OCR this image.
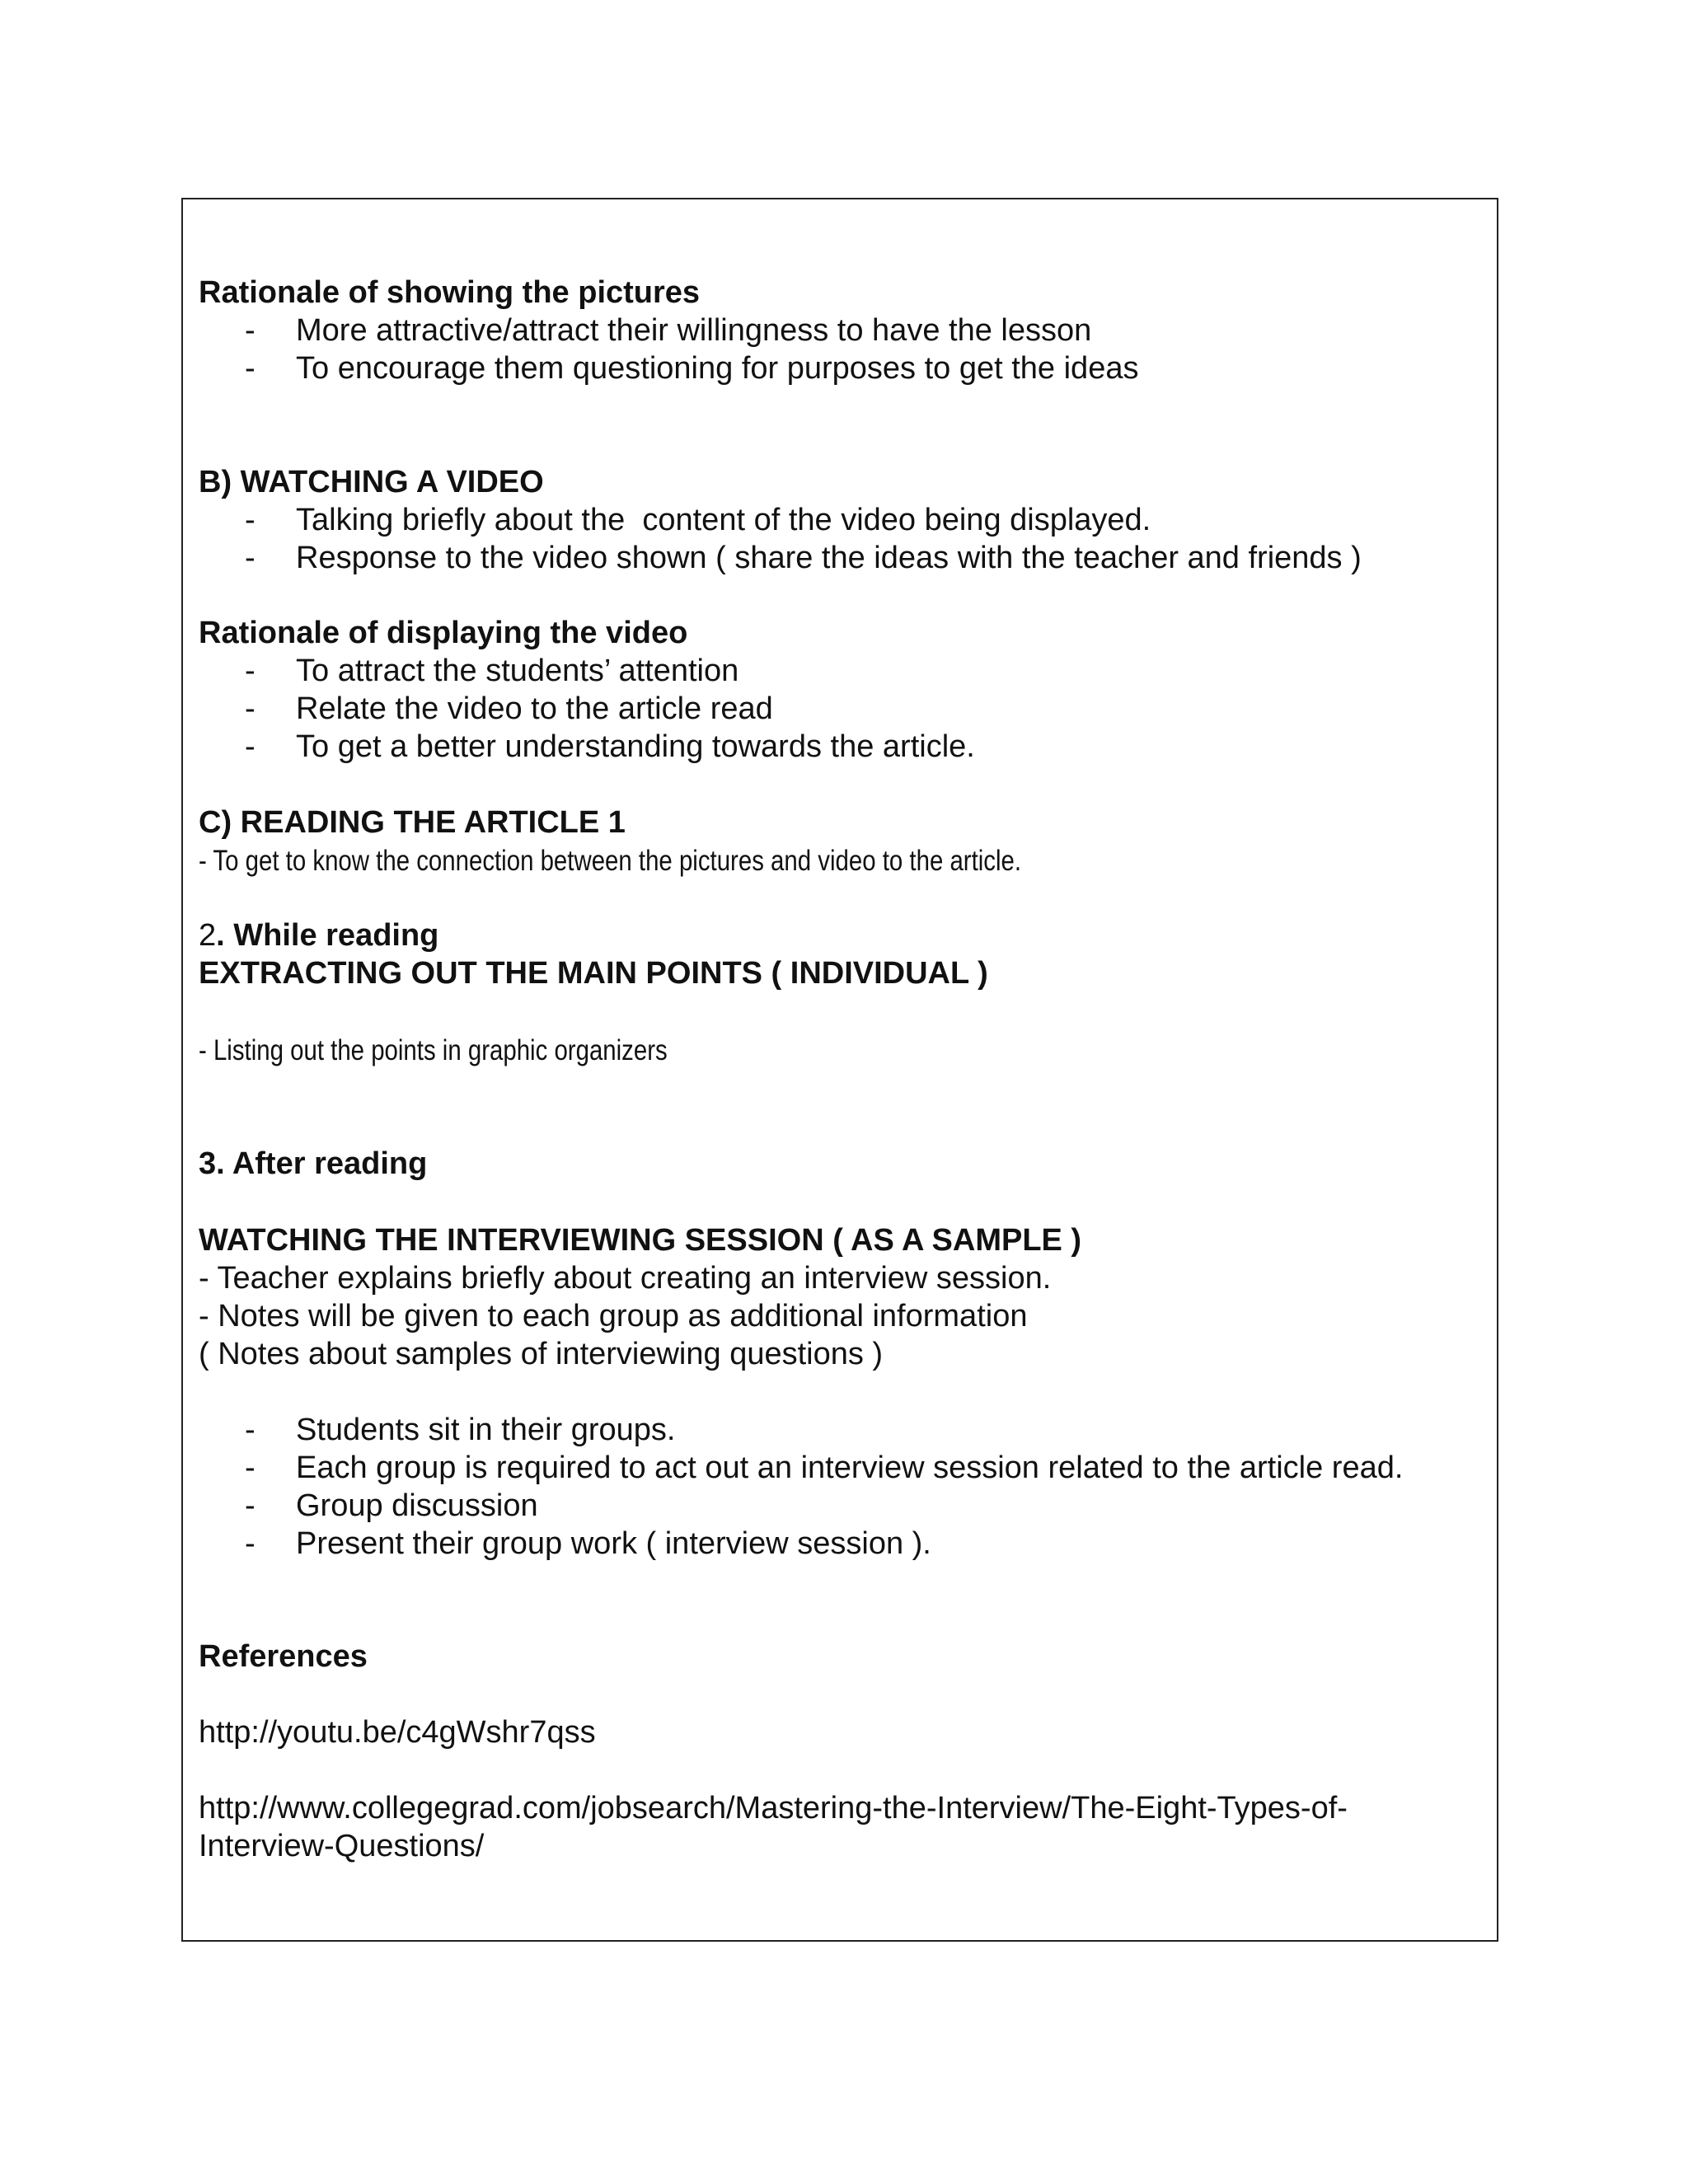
Rationale of showing the pictures
- More attractive/attract their willingness to have the lesson
- To encourage them questioning for purposes to get the ideas
B) WATCHING A VIDEO
- Talking briefly about the  content of the video being displayed.
- Response to the video shown ( share the ideas with the teacher and friends )
Rationale of displaying the video
- To attract the students’ attention
- Relate the video to the article read
- To get a better understanding towards the article.
C) READING THE ARTICLE 1
- To get to know the connection between the pictures and video to the article.
2. While reading
EXTRACTING OUT THE MAIN POINTS ( INDIVIDUAL )
- Listing out the points in graphic organizers
3. After reading
WATCHING THE INTERVIEWING SESSION ( AS A SAMPLE )
- Teacher explains briefly about creating an interview session.
- Notes will be given to each group as additional information
( Notes about samples of interviewing questions )
- Students sit in their groups.
- Each group is required to act out an interview session related to the article read.
- Group discussion
- Present their group work ( interview session ).
References
http://youtu.be/c4gWshr7qss
http://www.collegegrad.com/jobsearch/Mastering-the-Interview/The-Eight-Types-of-
Interview-Questions/
